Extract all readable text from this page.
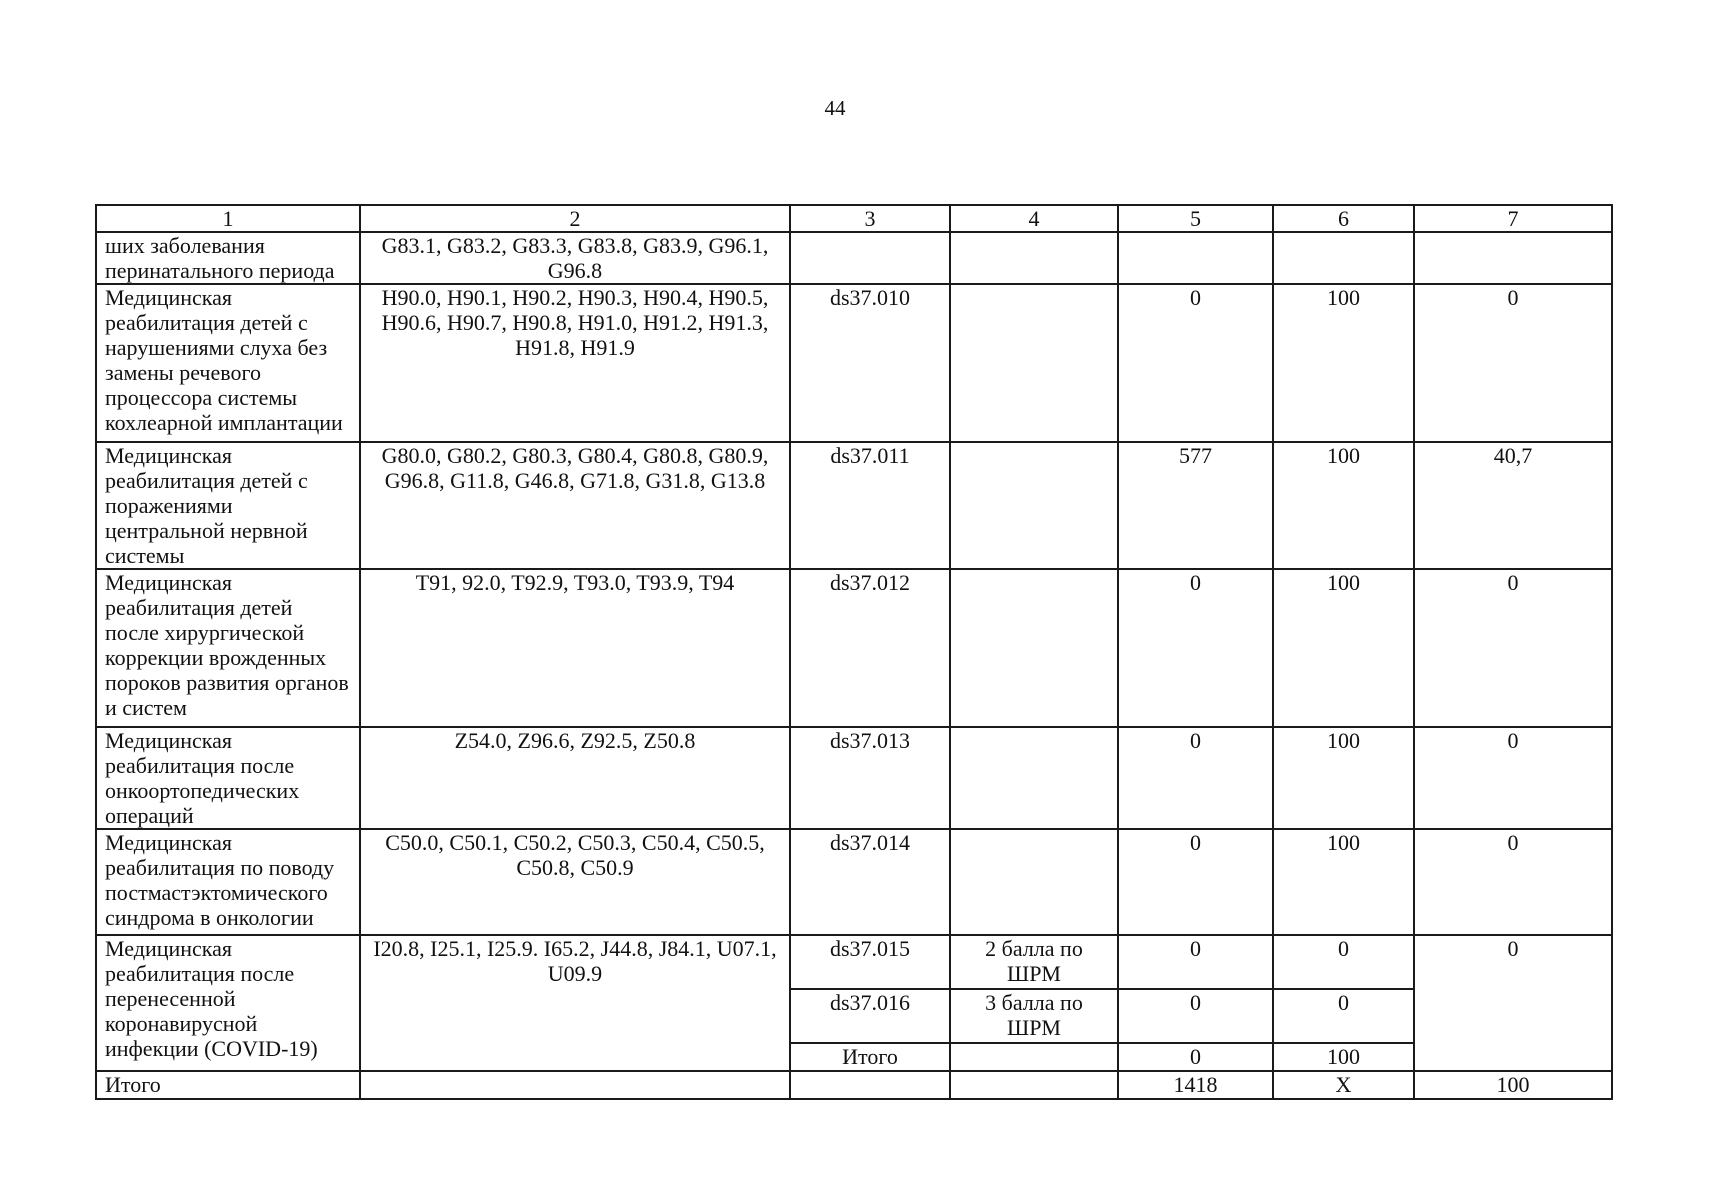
44
1	2	3	4	5	6	7
ших заболевания перинатального периода	G83.1, G83.2, G83.3, G83.8, G83.9, G96.1, G96.8					
Медицинская реабилитация детей с нарушениями слуха без замены речевого процессора системы кохлеарной имплантации	H90.0, H90.1, H90.2, H90.3, H90.4, H90.5, H90.6, H90.7, H90.8, H91.0, H91.2, H91.3, H91.8, H91.9	ds37.010		0	100	0
Медицинская реабилитация детей с поражениями центральной нервной системы	G80.0, G80.2, G80.3, G80.4, G80.8, G80.9, G96.8, G11.8, G46.8, G71.8, G31.8, G13.8	ds37.011		577	100	40,7
Медицинская реабилитация детей после хирургической коррекции врожденных пороков развития органов и систем	T91, 92.0, T92.9, T93.0, T93.9, T94	ds37.012		0	100	0
Медицинская реабилитация после онкоортопедических операций	Z54.0, Z96.6, Z92.5, Z50.8	ds37.013		0	100	0
Медицинская реабилитация по поводу постмастэктомического синдрома в онкологии	C50.0, C50.1, C50.2, C50.3, C50.4, C50.5, C50.8, C50.9	ds37.014		0	100	0
Медицинская реабилитация после перенесенной коронавирусной инфекции (COVID-19)	I20.8, I25.1, I25.9. I65.2, J44.8, J84.1, U07.1, U09.9	ds37.015	2 балла по ШРМ	0	0	0
		ds37.016	3 балла по ШРМ	0	0	
		Итого		0	100	
Итого				1418	Х	100
